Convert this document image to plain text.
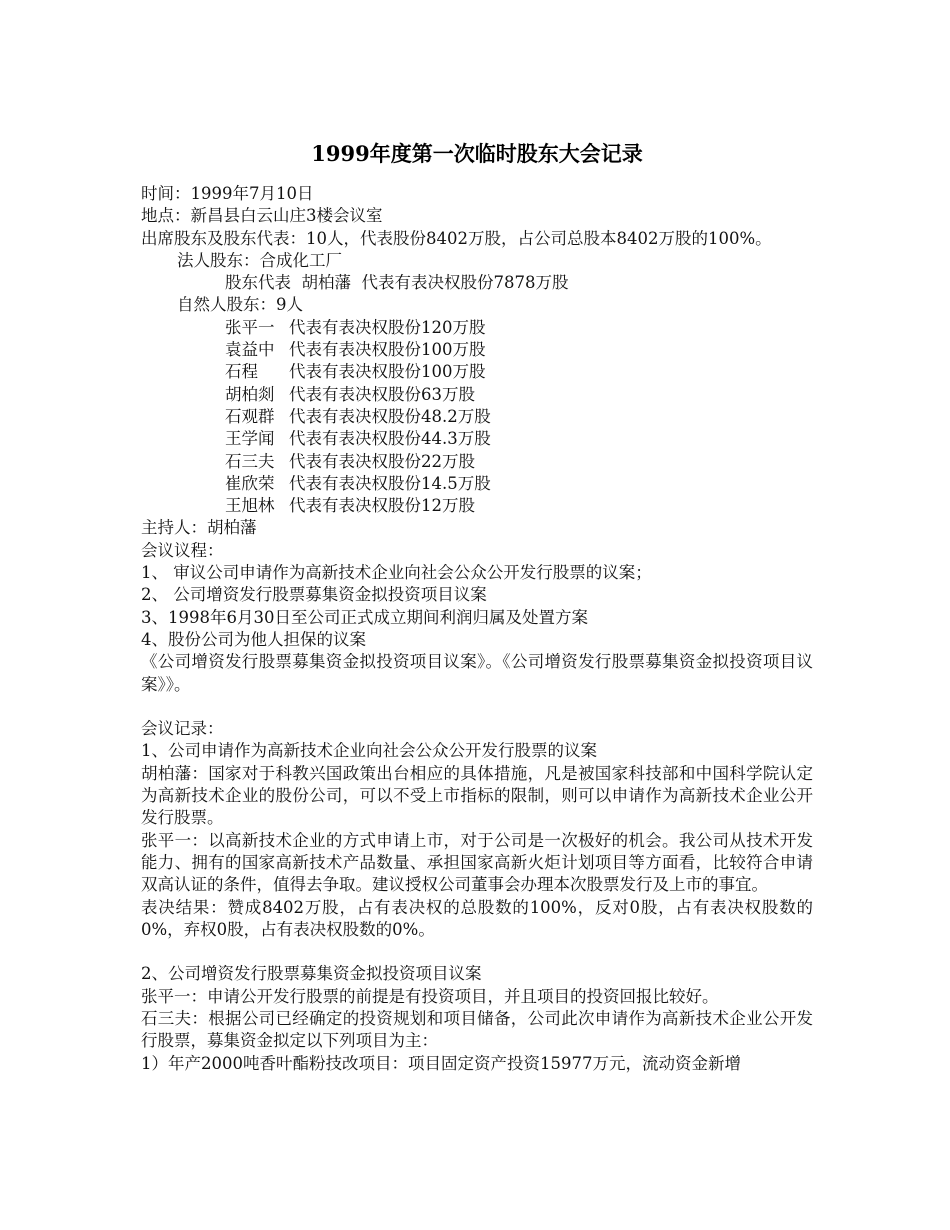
1999年度第一次临时股东大会记录
时间：1999年7月10日
地点：新昌县白云山庄3楼会议室
出席股东及股东代表：10人，代表股份8402万股，占公司总股本8402万股的100%。
法人股东：合成化工厂
股东代表  胡柏藩  代表有表决权股份7878万股
自然人股东：9人
张平一 代表有表决权股份120万股
袁益中 代表有表决权股份100万股
石程 代表有表决权股份100万股
胡柏剡 代表有表决权股份63万股
石观群 代表有表决权股份48.2万股
王学闻 代表有表决权股份44.3万股
石三夫 代表有表决权股份22万股
崔欣荣 代表有表决权股份14.5万股
王旭林 代表有表决权股份12万股
主持人：胡柏藩
会议议程：
1、 审议公司申请作为高新技术企业向社会公众公开发行股票的议案；
2、 公司增资发行股票募集资金拟投资项目议案
3、1998年6月30日至公司正式成立期间利润归属及处置方案
4、股份公司为他人担保的议案
《公司增资发行股票募集资金拟投资项目议案》。《公司增资发行股票募集资金拟投资项目议案》》。
会议记录：
1、公司申请作为高新技术企业向社会公众公开发行股票的议案
胡柏藩：国家对于科教兴国政策出台相应的具体措施，凡是被国家科技部和中国科学院认定为高新技术企业的股份公司，可以不受上市指标的限制，则可以申请作为高新技术企业公开发行股票。
张平一：以高新技术企业的方式申请上市，对于公司是一次极好的机会。我公司从技术开发能力、拥有的国家高新技术产品数量、承担国家高新火炬计划项目等方面看，比较符合申请双高认证的条件，值得去争取。建议授权公司董事会办理本次股票发行及上市的事宜。
表决结果：赞成8402万股，占有表决权的总股数的100%，反对0股，占有表决权股数的0%，弃权0股，占有表决权股数的0%。
2、公司增资发行股票募集资金拟投资项目议案
张平一：申请公开发行股票的前提是有投资项目，并且项目的投资回报比较好。
石三夫：根据公司已经确定的投资规划和项目储备，公司此次申请作为高新技术企业公开发行股票，募集资金拟定以下列项目为主：
1）年产2000吨香叶酯粉技改项目：项目固定资产投资15977万元，流动资金新增
